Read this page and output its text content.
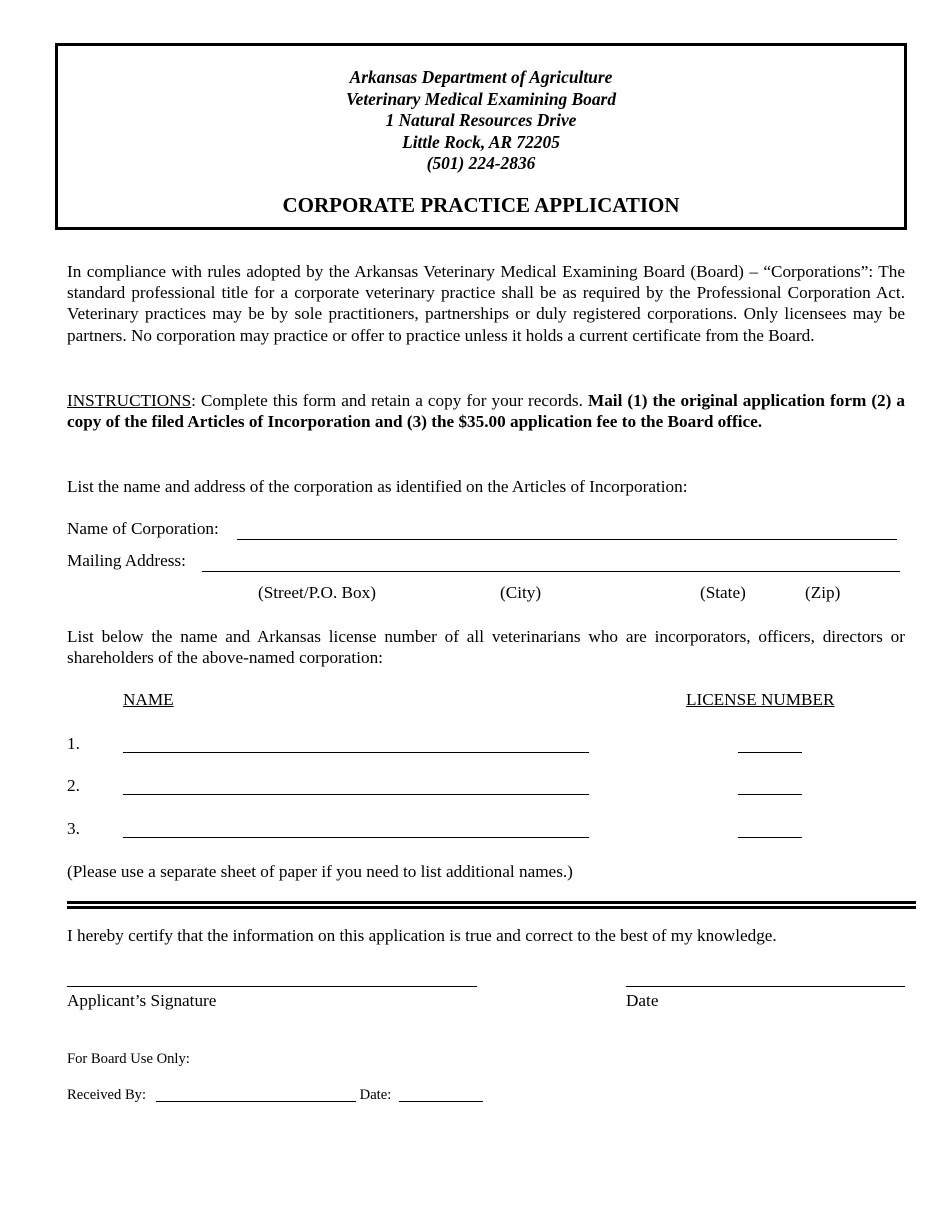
Arkansas Department of Agriculture
Veterinary Medical Examining Board
1 Natural Resources Drive
Little Rock, AR 72205
(501) 224-2836
CORPORATE PRACTICE APPLICATION
In compliance with rules adopted by the Arkansas Veterinary Medical Examining Board (Board) – “Corporations”: The standard professional title for a corporate veterinary practice shall be as required by the Professional Corporation Act. Veterinary practices may be by sole practitioners, partnerships or duly registered corporations. Only licensees may be partners. No corporation may practice or offer to practice unless it holds a current certificate from the Board.
INSTRUCTIONS: Complete this form and retain a copy for your records. Mail (1) the original application form (2) a copy of the filed Articles of Incorporation and (3) the $35.00 application fee to the Board office.
List the name and address of the corporation as identified on the Articles of Incorporation:
Name of Corporation:
Mailing Address:
(Street/P.O. Box)	(City)	(State)	(Zip)
List below the name and Arkansas license number of all veterinarians who are incorporators, officers, directors or shareholders of the above-named corporation:
NAME	LICENSE NUMBER
1.
2.
3.
(Please use a separate sheet of paper if you need to list additional names.)
I hereby certify that the information on this application is true and correct to the best of my knowledge.
Applicant’s Signature	Date
For Board Use Only:
Received By:	Date:
